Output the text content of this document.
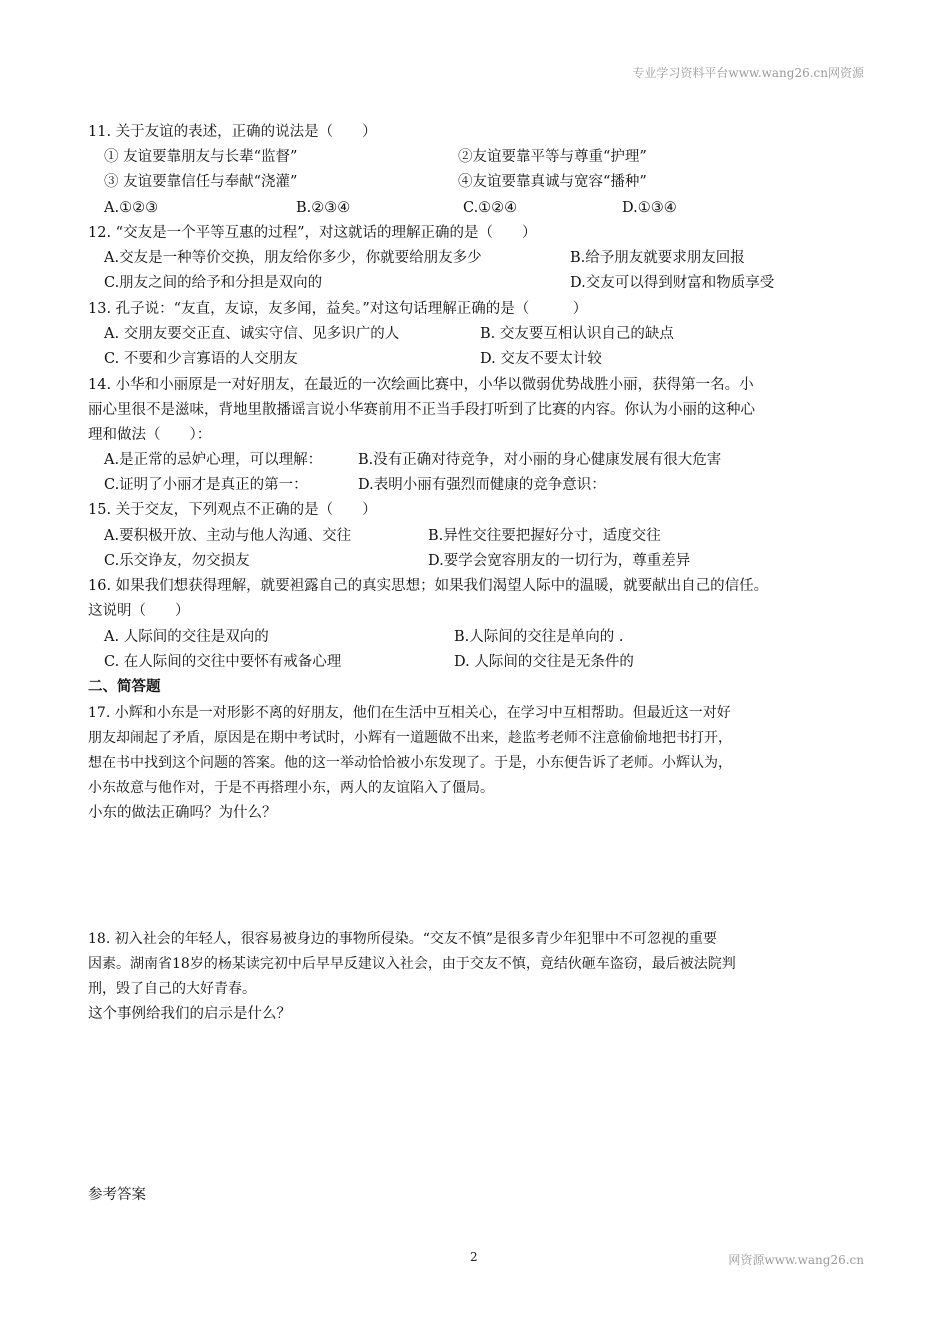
专业学习资料平台www.wang26.cn网资源
11. 关于友谊的表述，正确的说法是（　　）
① 友谊要靠朋友与长辈“监督”	②友谊要靠平等与尊重“护理”
③ 友谊要靠信任与奉献“浇灌”	④友谊要靠真诚与宽容“播种”
A.①②③	B.②③④	C.①②④	D.①③④
12. “交友是一个平等互惠的过程”，对这就话的理解正确的是（　　）
A.交友是一种等价交换，朋友给你多少，你就要给朋友多少	B.给予朋友就要求朋友回报
C.朋友之间的给予和分担是双向的	D.交友可以得到财富和物质享受
13. 孔子说：“友直，友谅，友多闻，益矣。”对这句话理解正确的是（　　　）
A. 交朋友要交正直、诚实守信、见多识广的人	B. 交友要互相认识自己的缺点
C. 不要和少言寡语的人交朋友	D. 交友不要太计较
14. 小华和小丽原是一对好朋友，在最近的一次绘画比赛中，小华以微弱优势战胜小丽，获得第一名。小
丽心里很不是滋味，背地里散播谣言说小华赛前用不正当手段打听到了比赛的内容。你认为小丽的这种心
理和做法（　　）：
A.是正常的忌妒心理，可以理解： B.没有正确对待竞争，对小丽的身心健康发展有很大危害
C.证明了小丽才是真正的第一：	D.表明小丽有强烈而健康的竞争意识：
15. 关于交友，下列观点不正确的是（　　）
A.要积极开放、主动与他人沟通、交往	B.异性交往要把握好分寸，适度交往
C.乐交诤友，勿交损友	D.要学会宽容朋友的一切行为，尊重差异
16. 如果我们想获得理解，就要袒露自己的真实思想；如果我们渴望人际中的温暖，就要献出自己的信任。
这说明（　　）
A. 人际间的交往是双向的	B.人际间的交往是单向的 .
C. 在人际间的交往中要怀有戒备心理	D. 人际间的交往是无条件的
二、简答题
17. 小辉和小东是一对形影不离的好朋友，他们在生活中互相关心，在学习中互相帮助。但最近这一对好
朋友却闹起了矛盾，原因是在期中考试时，小辉有一道题做不出来，趁监考老师不注意偷偷地把书打开，
想在书中找到这个问题的答案。他的这一举动恰恰被小东发现了。于是，小东便告诉了老师。小辉认为，
小东故意与他作对，于是不再搭理小东，两人的友谊陷入了僵局。
小东的做法正确吗？为什么？
18. 初入社会的年轻人，很容易被身边的事物所侵染。“交友不慎”是很多青少年犯罪中不可忽视的重要
因素。湖南省18岁的杨某读完初中后早早反建议入社会，由于交友不慎，竟结伙砸车盗窃，最后被法院判
刑，毁了自己的大好青春。
这个事例给我们的启示是什么？
参考答案
2	网资源www.wang26.cn
